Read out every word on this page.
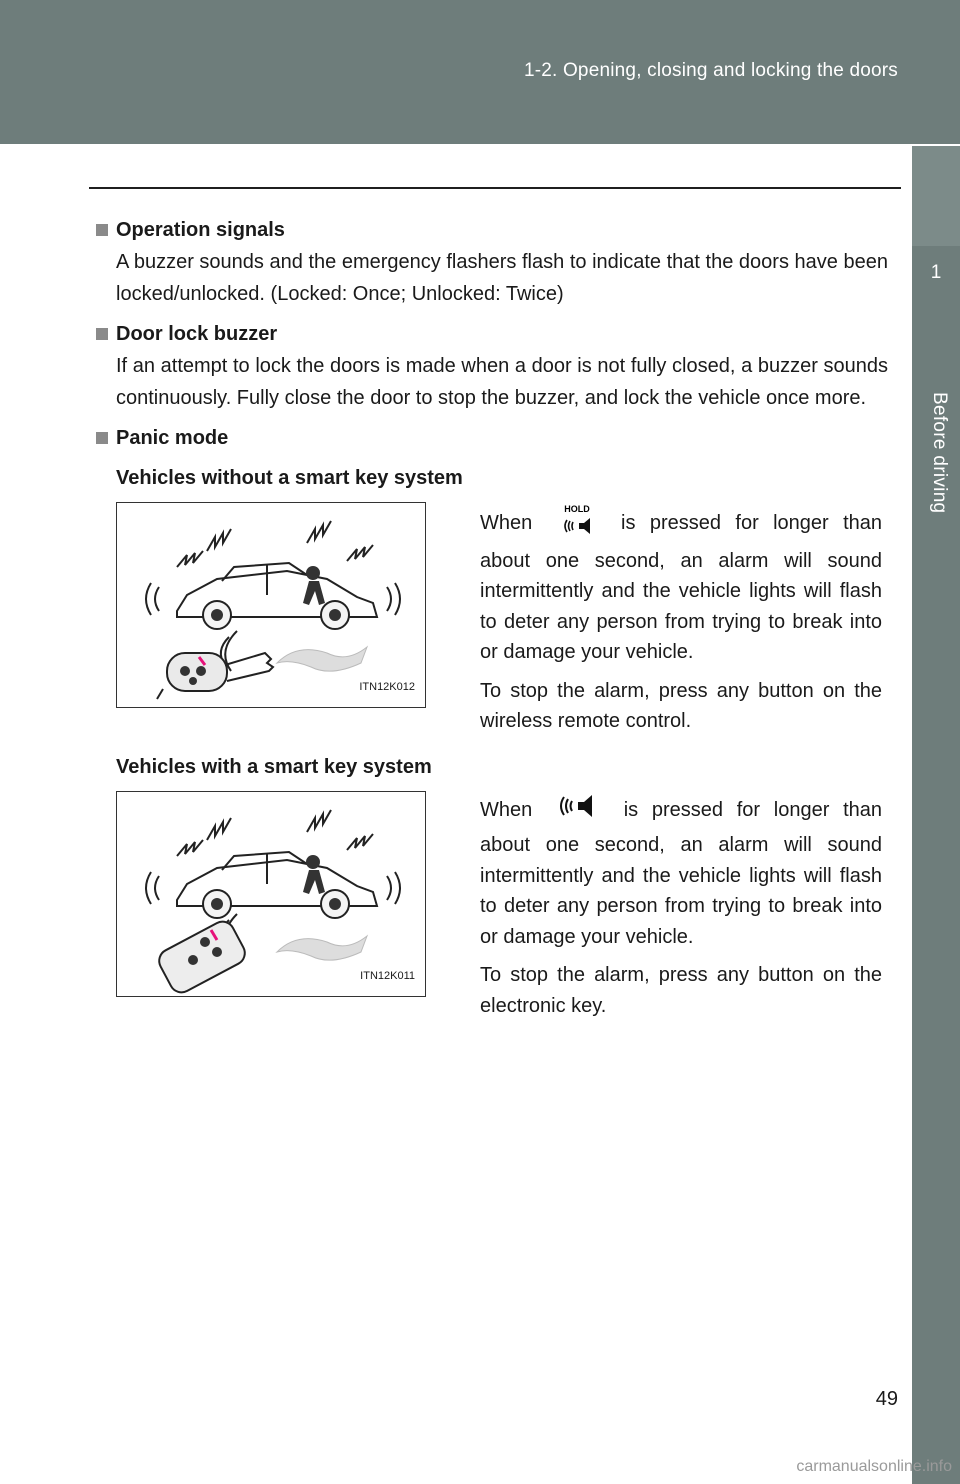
1-2. Opening, closing and locking the doors
1
Before driving
Operation signals

A buzzer sounds and the emergency flashers flash to indicate that the doors have been locked/unlocked. (Locked: Once; Unlocked: Twice)

Door lock buzzer

If an attempt to lock the doors is made when a door is not fully closed, a buzzer sounds continuously. Fully close the door to stop the buzzer, and lock the vehicle once more.

Panic mode

Vehicles without a smart key system

ITN12K012

When
HOLD
is pressed for longer than about one second, an alarm will sound intermittently and the vehicle lights will flash to deter any person from trying to break into or damage your vehicle.

To stop the alarm, press any button on the wireless remote control.

Vehicles with a smart key system

ITN12K011

When	is pressed for longer than about one second, an alarm will sound intermittently and the vehicle lights will flash to deter any person from trying to break into or damage your vehicle.

To stop the alarm, press any button on the electronic key.

49
carmanualsonline.info
